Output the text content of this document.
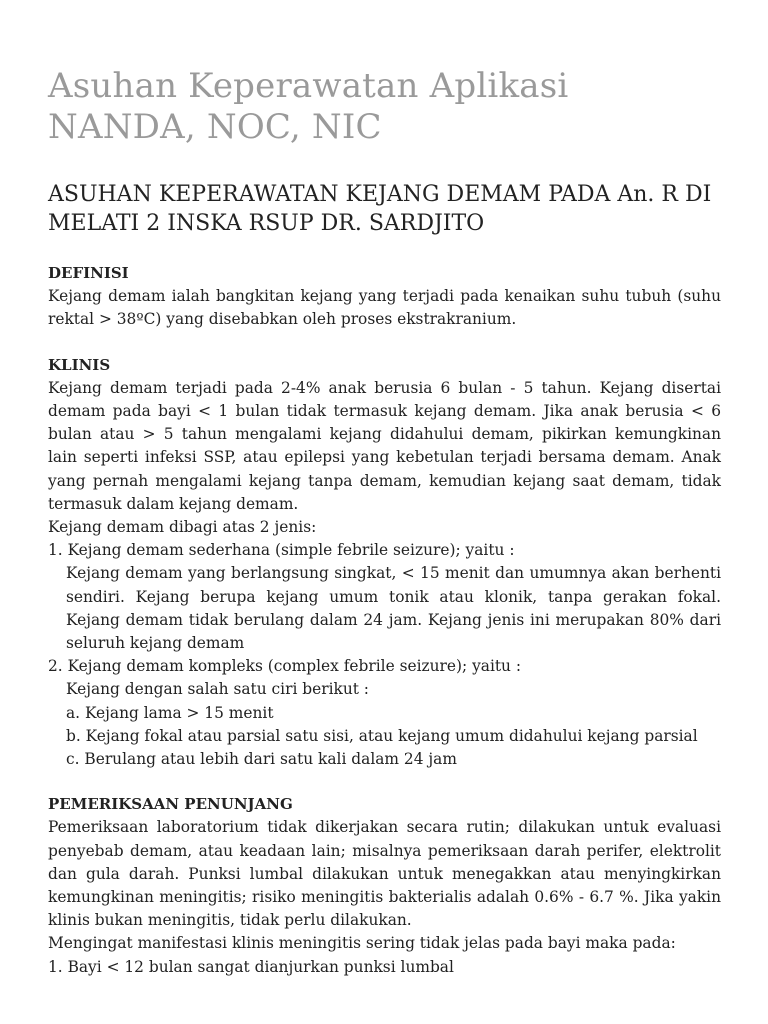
Asuhan Keperawatan Aplikasi NANDA, NOC, NIC
ASUHAN KEPERAWATAN KEJANG DEMAM PADA An. R DI MELATI 2 INSKA RSUP DR. SARDJITO
DEFINISI

Kejang demam ialah bangkitan kejang yang terjadi pada kenaikan suhu tubuh (suhu rektal > 38ºC) yang disebabkan oleh proses ekstrakranium.

KLINIS

Kejang demam terjadi pada 2-4% anak berusia 6 bulan - 5 tahun. Kejang disertai demam pada bayi < 1 bulan tidak termasuk kejang demam. Jika anak berusia < 6 bulan atau > 5 tahun mengalami kejang didahului demam, pikirkan kemungkinan lain seperti infeksi SSP, atau epilepsi yang kebetulan terjadi bersama demam. Anak yang pernah mengalami kejang tanpa demam, kemudian kejang saat demam, tidak termasuk dalam kejang demam.

Kejang demam dibagi atas 2 jenis:

1. Kejang demam sederhana (simple febrile seizure); yaitu :

Kejang demam yang berlangsung singkat, < 15 menit dan umumnya akan berhenti sendiri. Kejang berupa kejang umum tonik atau klonik, tanpa gerakan fokal. Kejang demam tidak berulang dalam 24 jam. Kejang jenis ini merupakan 80% dari seluruh kejang demam

2. Kejang demam kompleks (complex febrile seizure); yaitu :

Kejang dengan salah satu ciri berikut :

a. Kejang lama > 15 menit

b. Kejang fokal atau parsial satu sisi, atau kejang umum didahului kejang parsial

c. Berulang atau lebih dari satu kali dalam 24 jam

PEMERIKSAAN PENUNJANG

Pemeriksaan laboratorium tidak dikerjakan secara rutin; dilakukan untuk evaluasi penyebab demam, atau keadaan lain; misalnya pemeriksaan darah perifer, elektrolit dan gula darah. Punksi lumbal dilakukan untuk menegakkan atau menyingkirkan kemungkinan meningitis; risiko meningitis bakterialis adalah 0.6% - 6.7 %. Jika yakin klinis bukan meningitis, tidak perlu dilakukan.

Mengingat manifestasi klinis meningitis sering tidak jelas pada bayi maka pada:

1. Bayi < 12 bulan sangat dianjurkan punksi lumbal
